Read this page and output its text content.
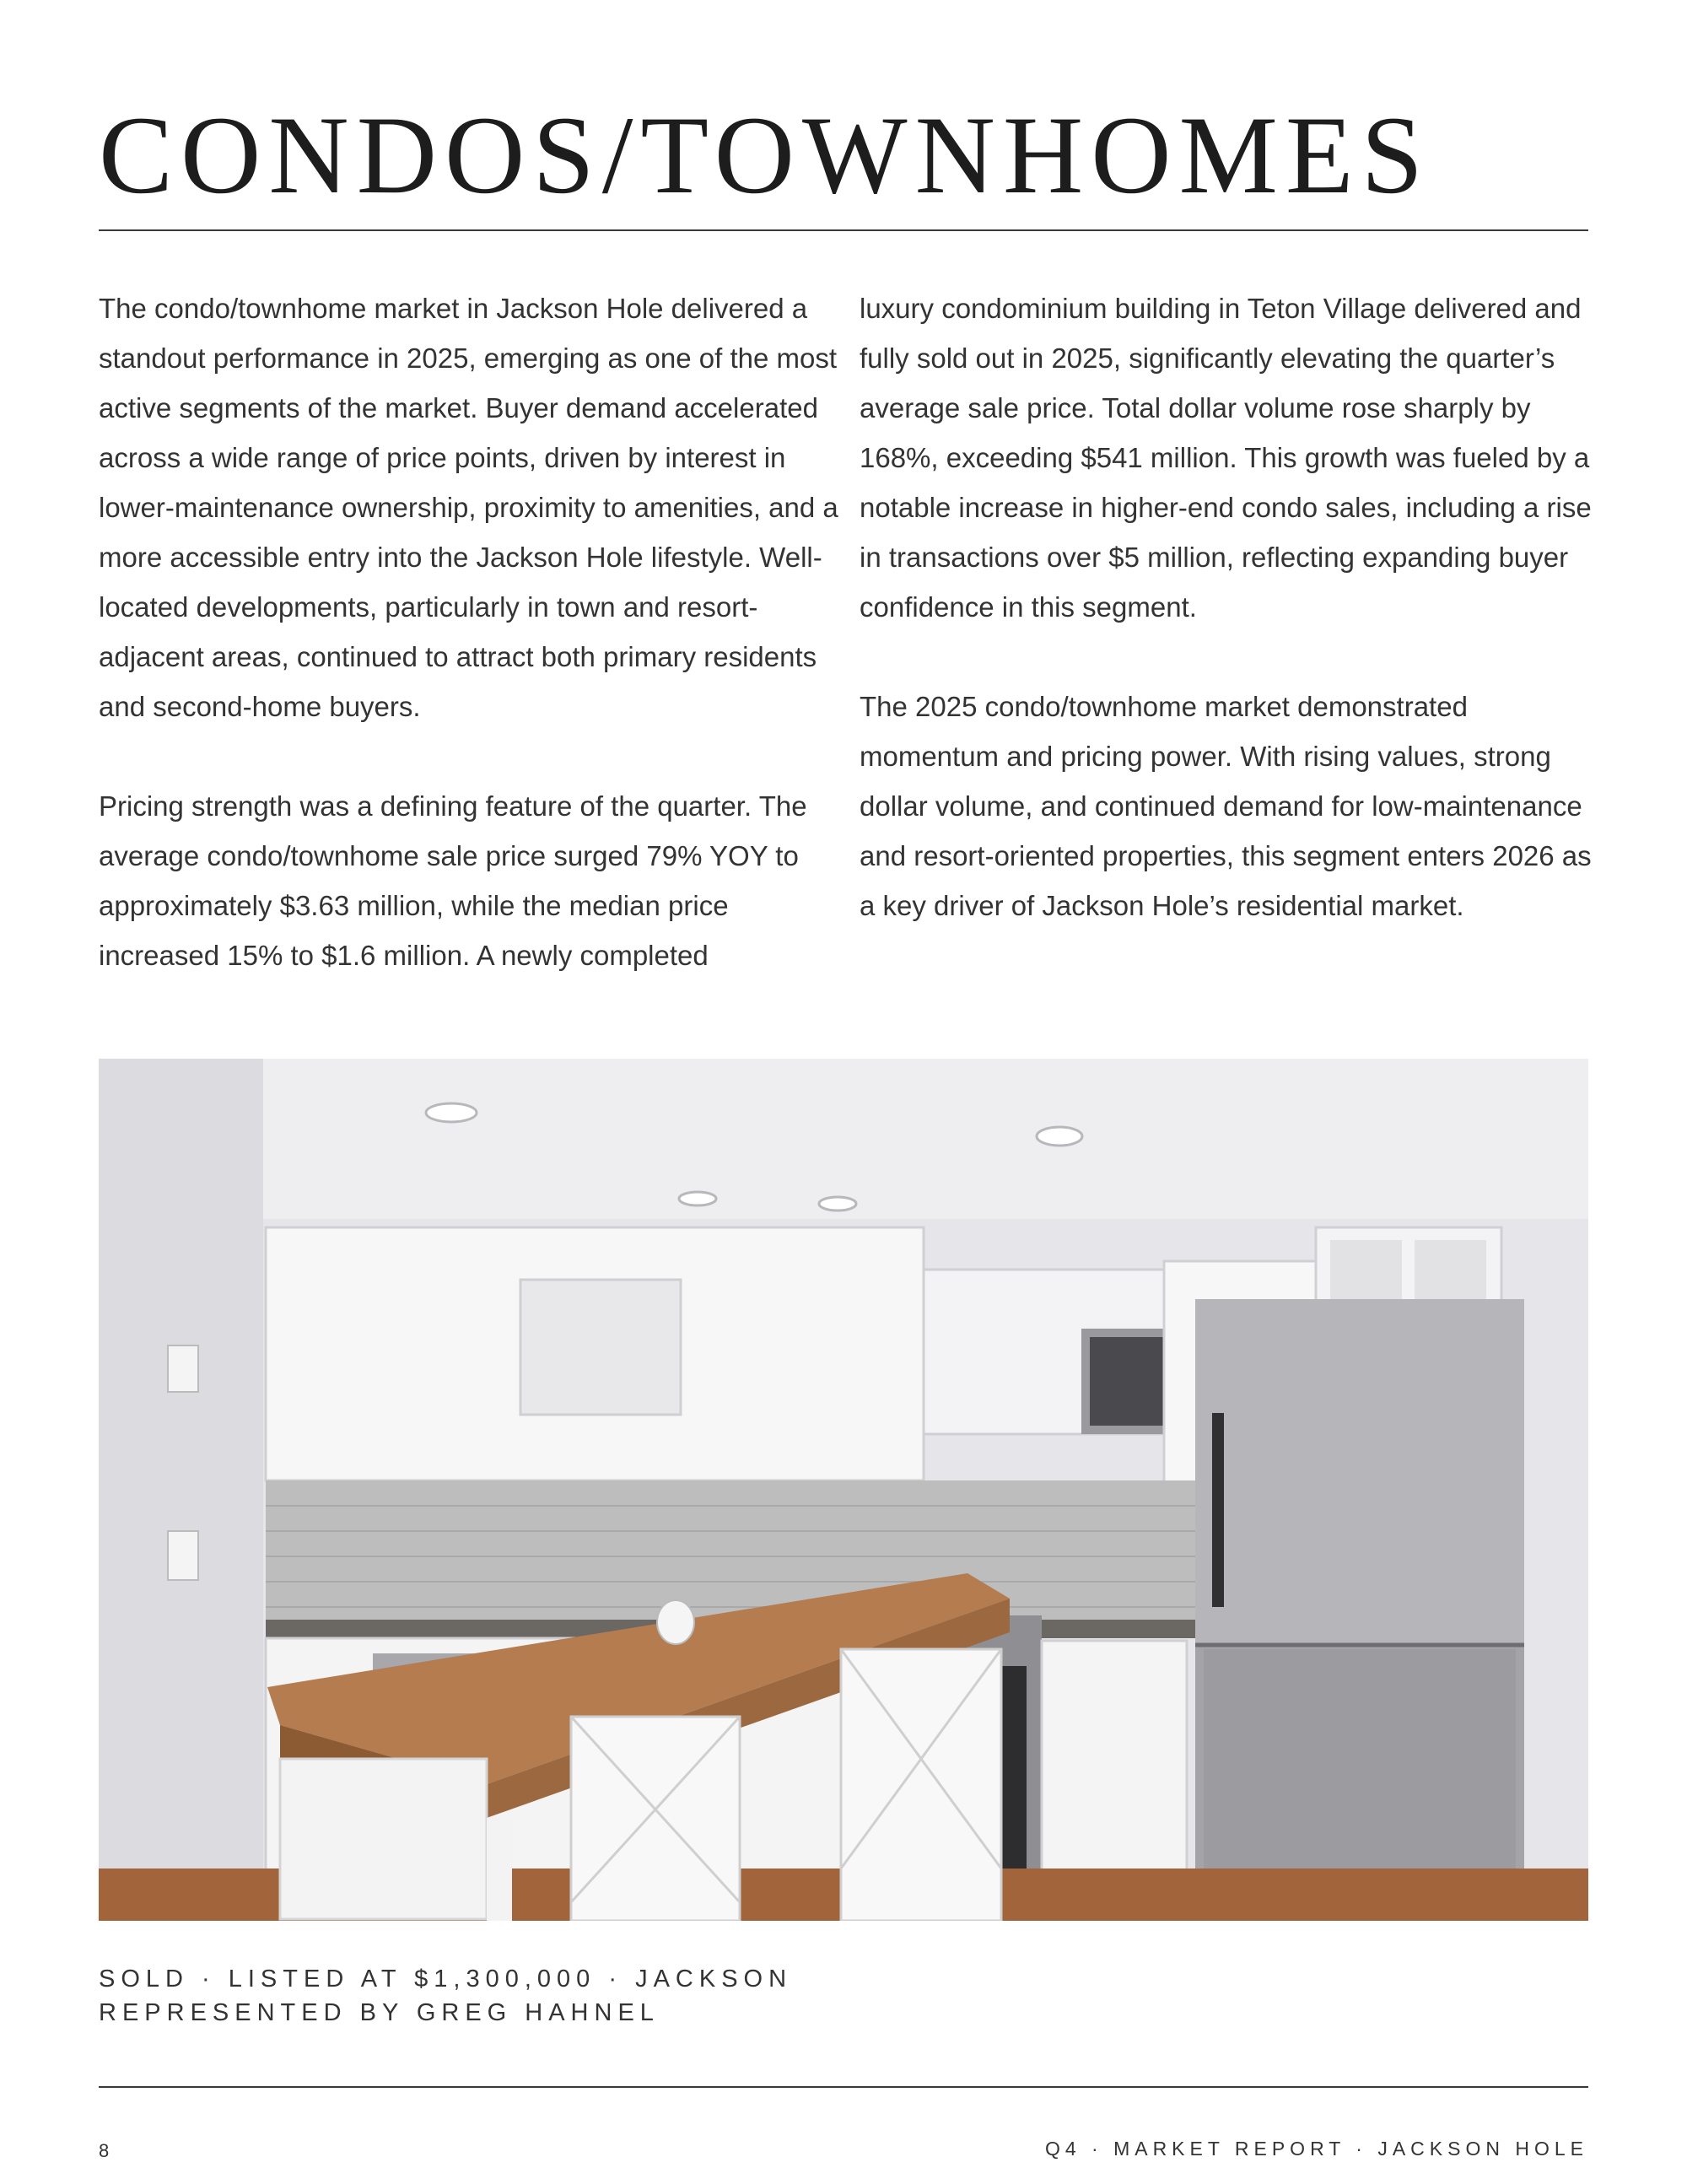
CONDOS/TOWNHOMES

The condo/townhome market in Jackson Hole delivered a standout performance in 2025, emerging as one of the most active segments of the market. Buyer demand accelerated across a wide range of price points, driven by interest in lower-maintenance ownership, proximity to amenities, and a more accessible entry into the Jackson Hole lifestyle. Well-located developments, particularly in town and resort-adjacent areas, continued to attract both primary residents and second-home buyers.

Pricing strength was a defining feature of the quarter. The average condo/townhome sale price surged 79% YOY to approximately $3.63 million, while the median price increased 15% to $1.6 million. A newly completed

luxury condominium building in Teton Village delivered and fully sold out in 2025, significantly elevating the quarter’s average sale price. Total dollar volume rose sharply by 168%, exceeding $541 million. This growth was fueled by a notable increase in higher-end condo sales, including a rise in transactions over $5 million, reflecting expanding buyer confidence in this segment.

The 2025 condo/townhome market demonstrated momentum and pricing power. With rising values, strong dollar volume, and continued demand for low-maintenance and resort-oriented properties, this segment enters 2026 as a key driver of Jackson Hole’s residential market.

SOLD · LISTED AT $1,300,000 · JACKSON
REPRESENTED BY GREG HAHNEL
8	Q4 · MARKET REPORT · JACKSON HOLE
